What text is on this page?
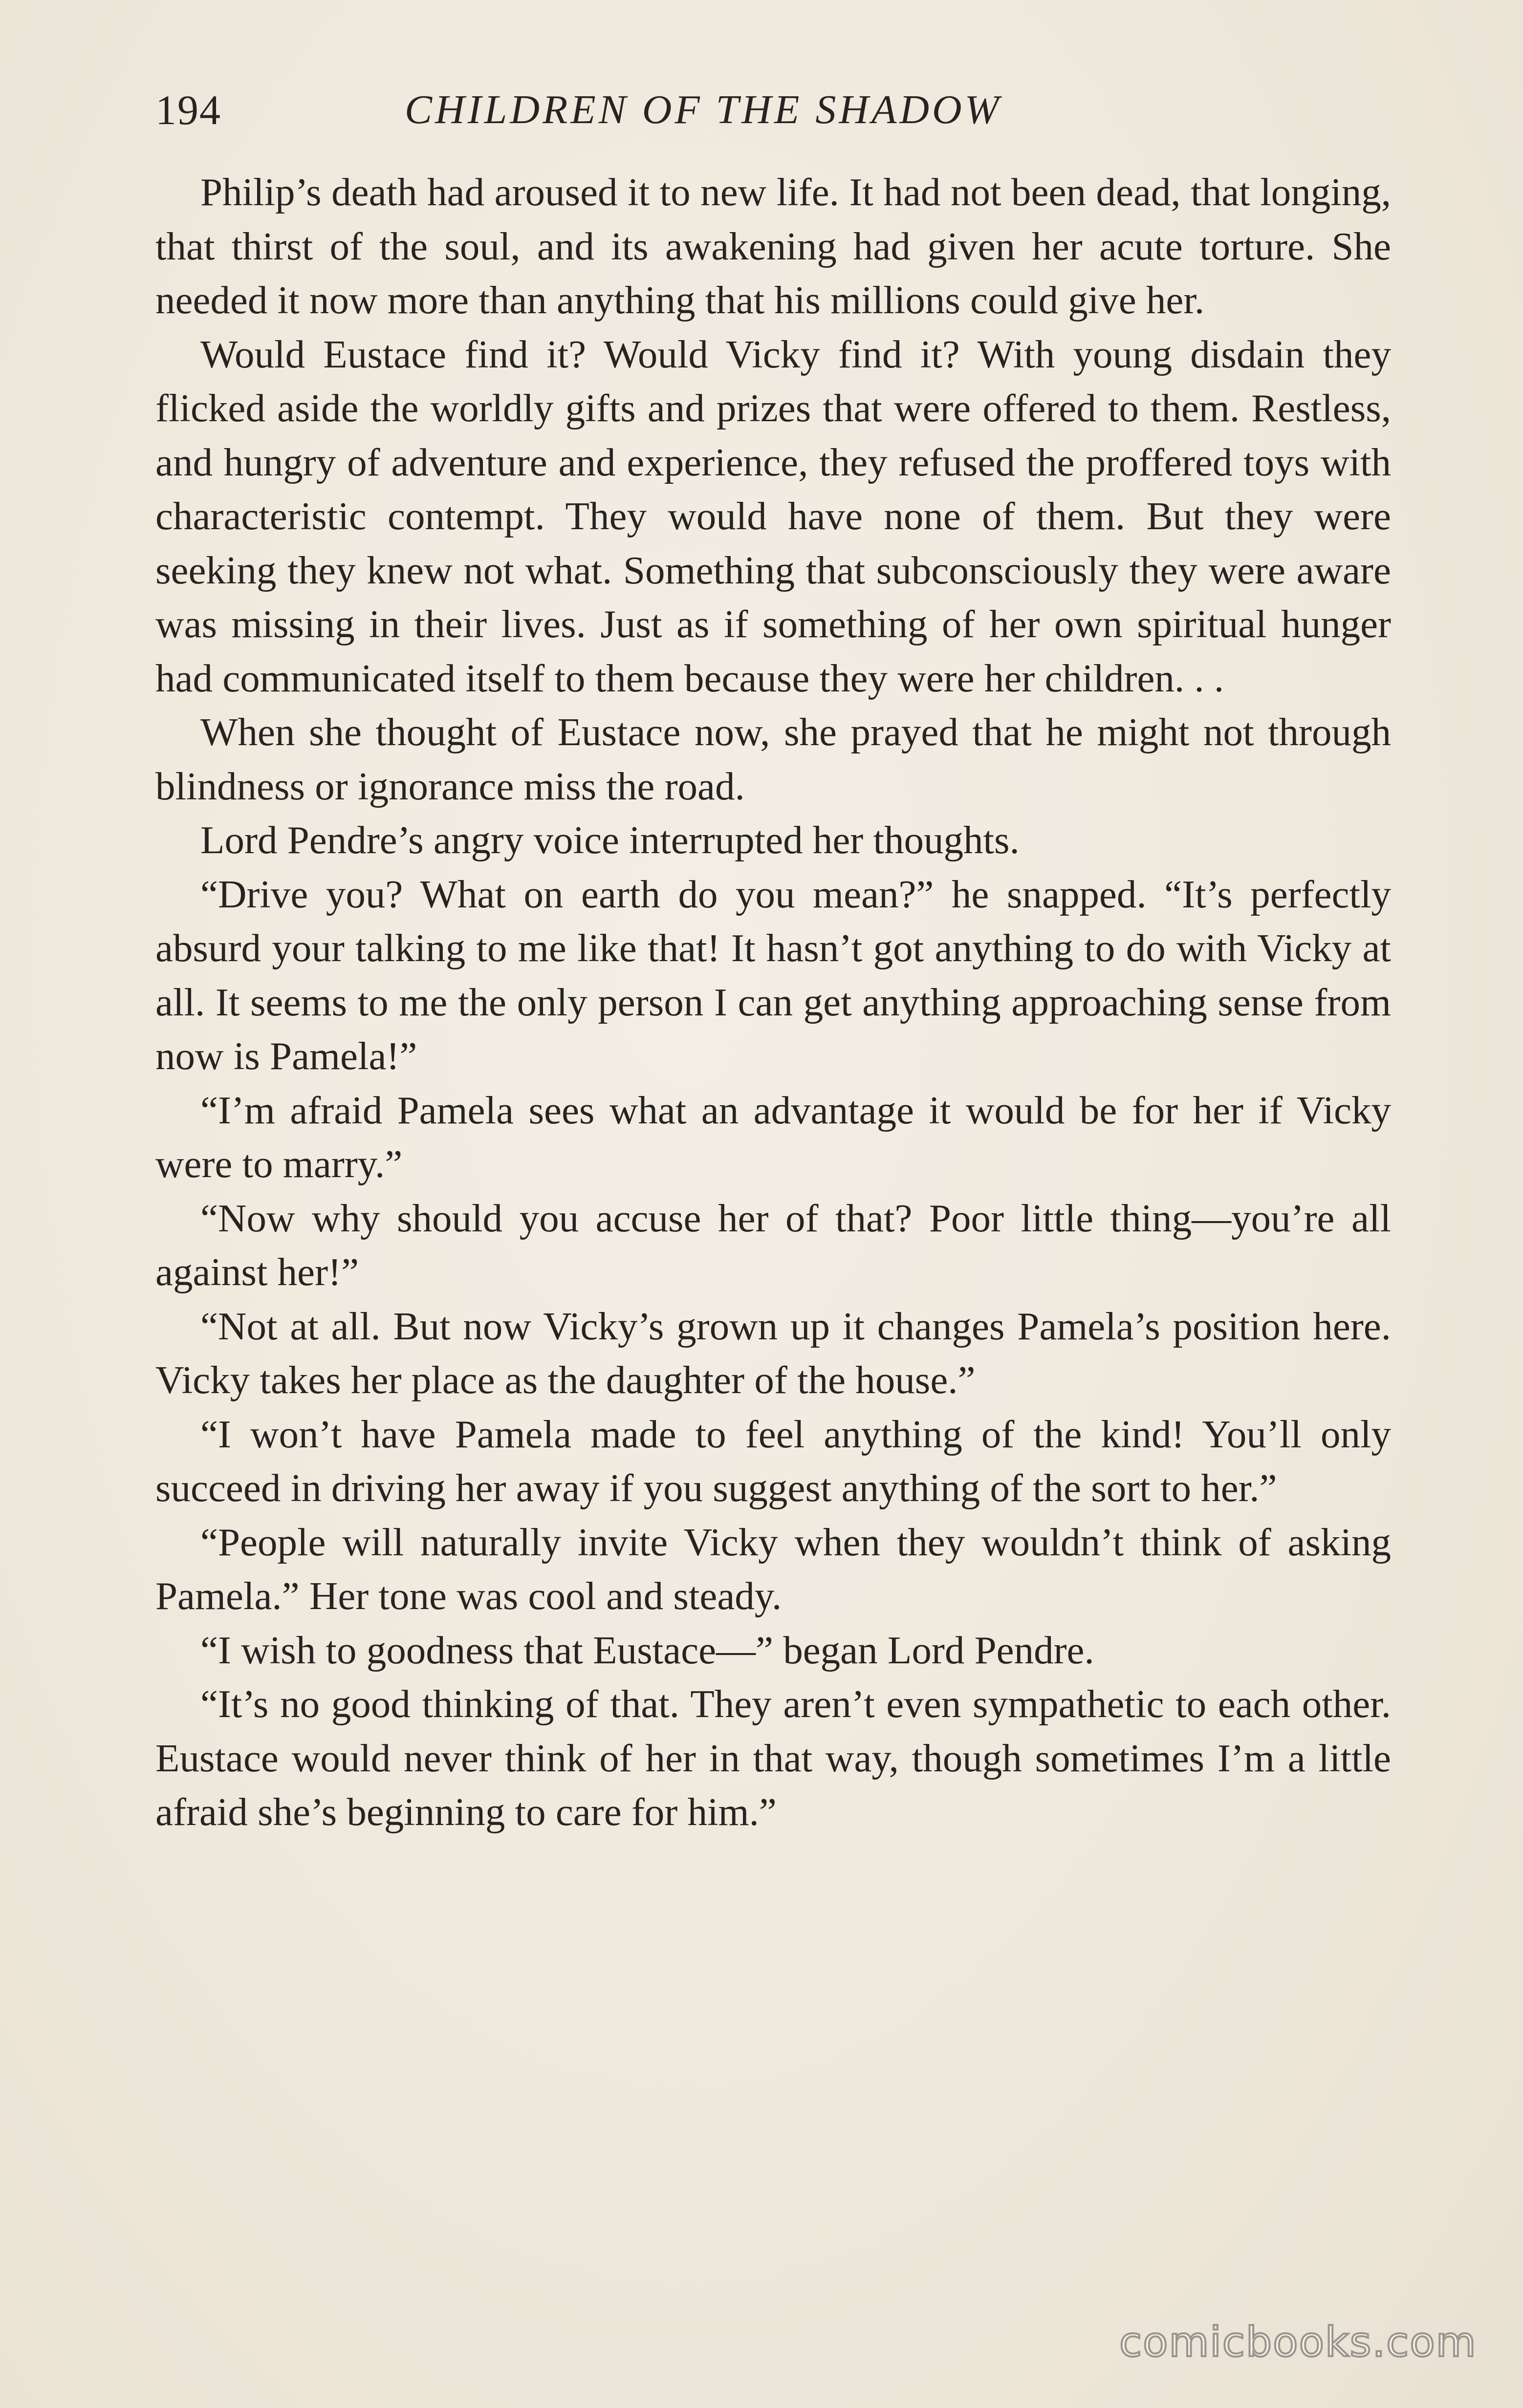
194	CHILDREN OF THE SHADOW

Philip’s death had aroused it to new life. It had not been dead, that longing, that thirst of the soul, and its awakening had given her acute torture. She needed it now more than anything that his millions could give her.

Would Eustace find it? Would Vicky find it? With young disdain they flicked aside the worldly gifts and prizes that were offered to them. Restless, and hungry of adventure and experience, they refused the proffered toys with characteristic contempt. They would have none of them. But they were seeking they knew not what. Something that subconsciously they were aware was missing in their lives. Just as if something of her own spiritual hunger had communicated itself to them because they were her children. . .

When she thought of Eustace now, she prayed that he might not through blindness or ignorance miss the road.

Lord Pendre’s angry voice interrupted her thoughts.

“Drive you? What on earth do you mean?” he snapped. “It’s perfectly absurd your talking to me like that! It hasn’t got anything to do with Vicky at all. It seems to me the only person I can get anything approaching sense from now is Pamela!”

“I’m afraid Pamela sees what an advantage it would be for her if Vicky were to marry.”

“Now why should you accuse her of that? Poor little thing—you’re all against her!”

“Not at all. But now Vicky’s grown up it changes Pamela’s position here. Vicky takes her place as the daughter of the house.”

“I won’t have Pamela made to feel anything of the kind! You’ll only succeed in driving her away if you suggest anything of the sort to her.”

“People will naturally invite Vicky when they wouldn’t think of asking Pamela.” Her tone was cool and steady.

“I wish to goodness that Eustace—” began Lord Pendre.

“It’s no good thinking of that. They aren’t even sympathetic to each other. Eustace would never think of her in that way, though sometimes I’m a little afraid she’s beginning to care for him.”

comicbooks.com
